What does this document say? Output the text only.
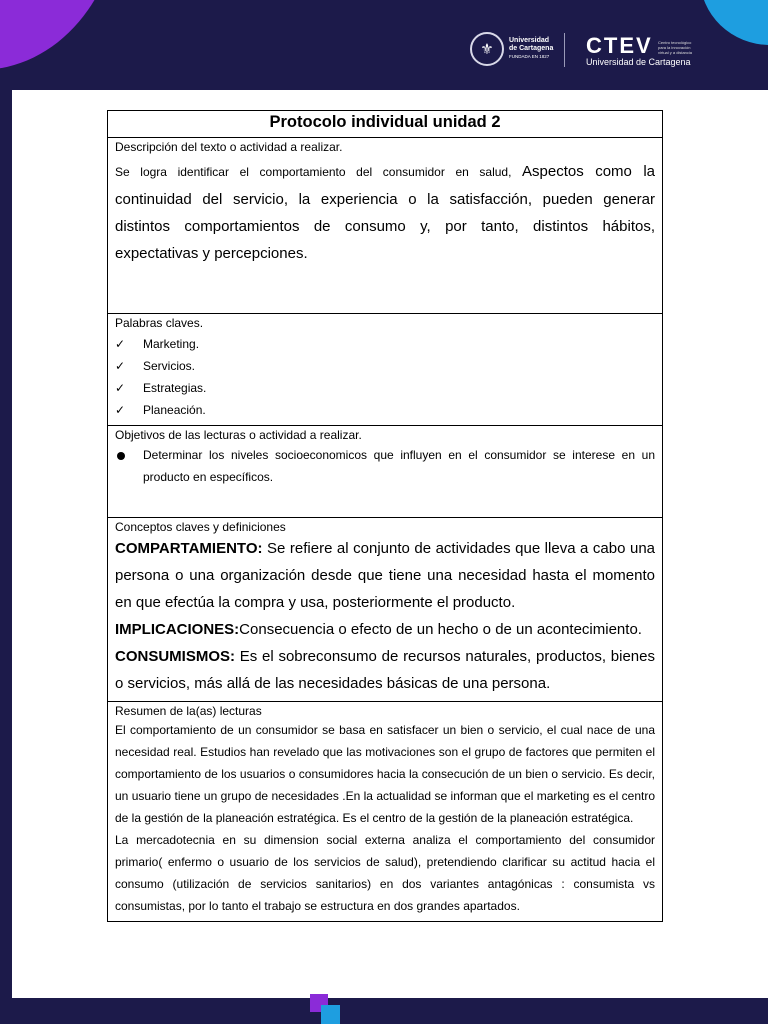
⚜
Universidad
de Cartagena
FUNDADA EN 1827 CTEV
Universidad de Cartagena
Centro tecnológico para la innovación virtual y a distancia
Protocolo individual unidad 2

Descripción del texto o actividad a realizar.

Se logra identificar el comportamiento del consumidor en salud, Aspectos como la continuidad del servicio, la experiencia o la satisfacción, pueden generar distintos comportamientos de consumo y, por tanto, distintos hábitos, expectativas y percepciones.

Palabras claves.
✓ Marketing.
✓ Servicios.
✓ Estrategias.
✓ Planeación.

Objetivos de las lecturas o actividad a realizar.
Determinar los niveles socioeconomicos que influyen en el consumidor se interese en un producto en específicos.

Conceptos claves y definiciones

COMPARTAMIENTO: Se refiere al conjunto de actividades que lleva a cabo una persona o una organización desde que tiene una necesidad hasta el momento en que efectúa la compra y usa, posteriormente el producto.

IMPLICACIONES:Consecuencia o efecto de un hecho o de un acontecimiento.

CONSUMISMOS: Es el sobreconsumo de recursos naturales, productos, bienes o servicios, más allá de las necesidades básicas de una persona.

Resumen de la(as) lecturas

El comportamiento de un consumidor se basa en satisfacer un bien o servicio, el cual nace de una necesidad real. Estudios han revelado que las motivaciones son el grupo de factores que permiten el comportamiento de los usuarios o consumidores hacia la consecución de un bien o servicio. Es decir, un usuario tiene un grupo de necesidades .En la actualidad se informan que el marketing es el centro de la gestión de la planeación estratégica. Es el centro de la gestión de la planeación estratégica.

La mercadotecnia en su dimension social externa analiza el comportamiento del consumidor primario( enfermo o usuario de los servicios de salud), pretendiendo clarificar su actitud hacia el consumo (utilización de servicios sanitarios) en dos variantes antagónicas : consumista vs consumistas, por lo tanto el trabajo se estructura en dos grandes apartados.
